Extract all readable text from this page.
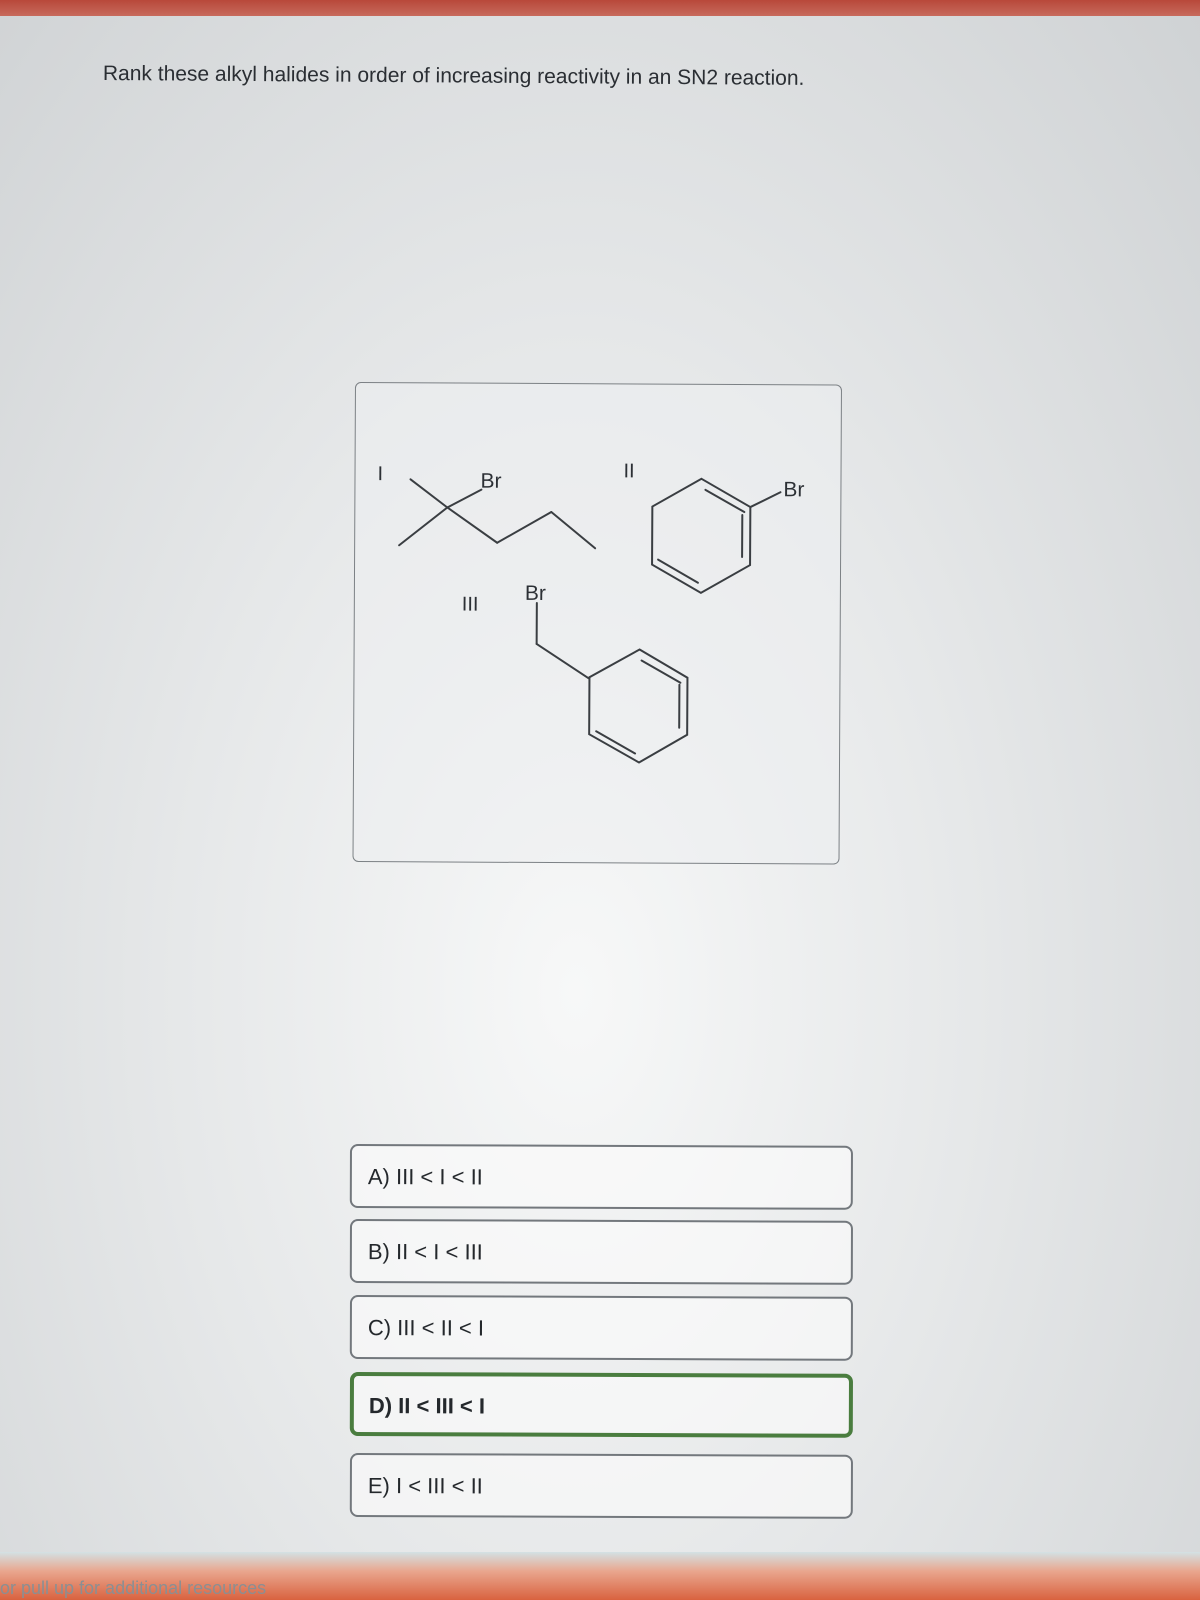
Rank these alkyl halides in order of increasing reactivity in an SN2 reaction.
I	II
III
Br	Br
Br
A) III < I < II
B) II < I < III
C) III < II < I
D) II < III < I
E) I < III < II
or pull up for additional resources
